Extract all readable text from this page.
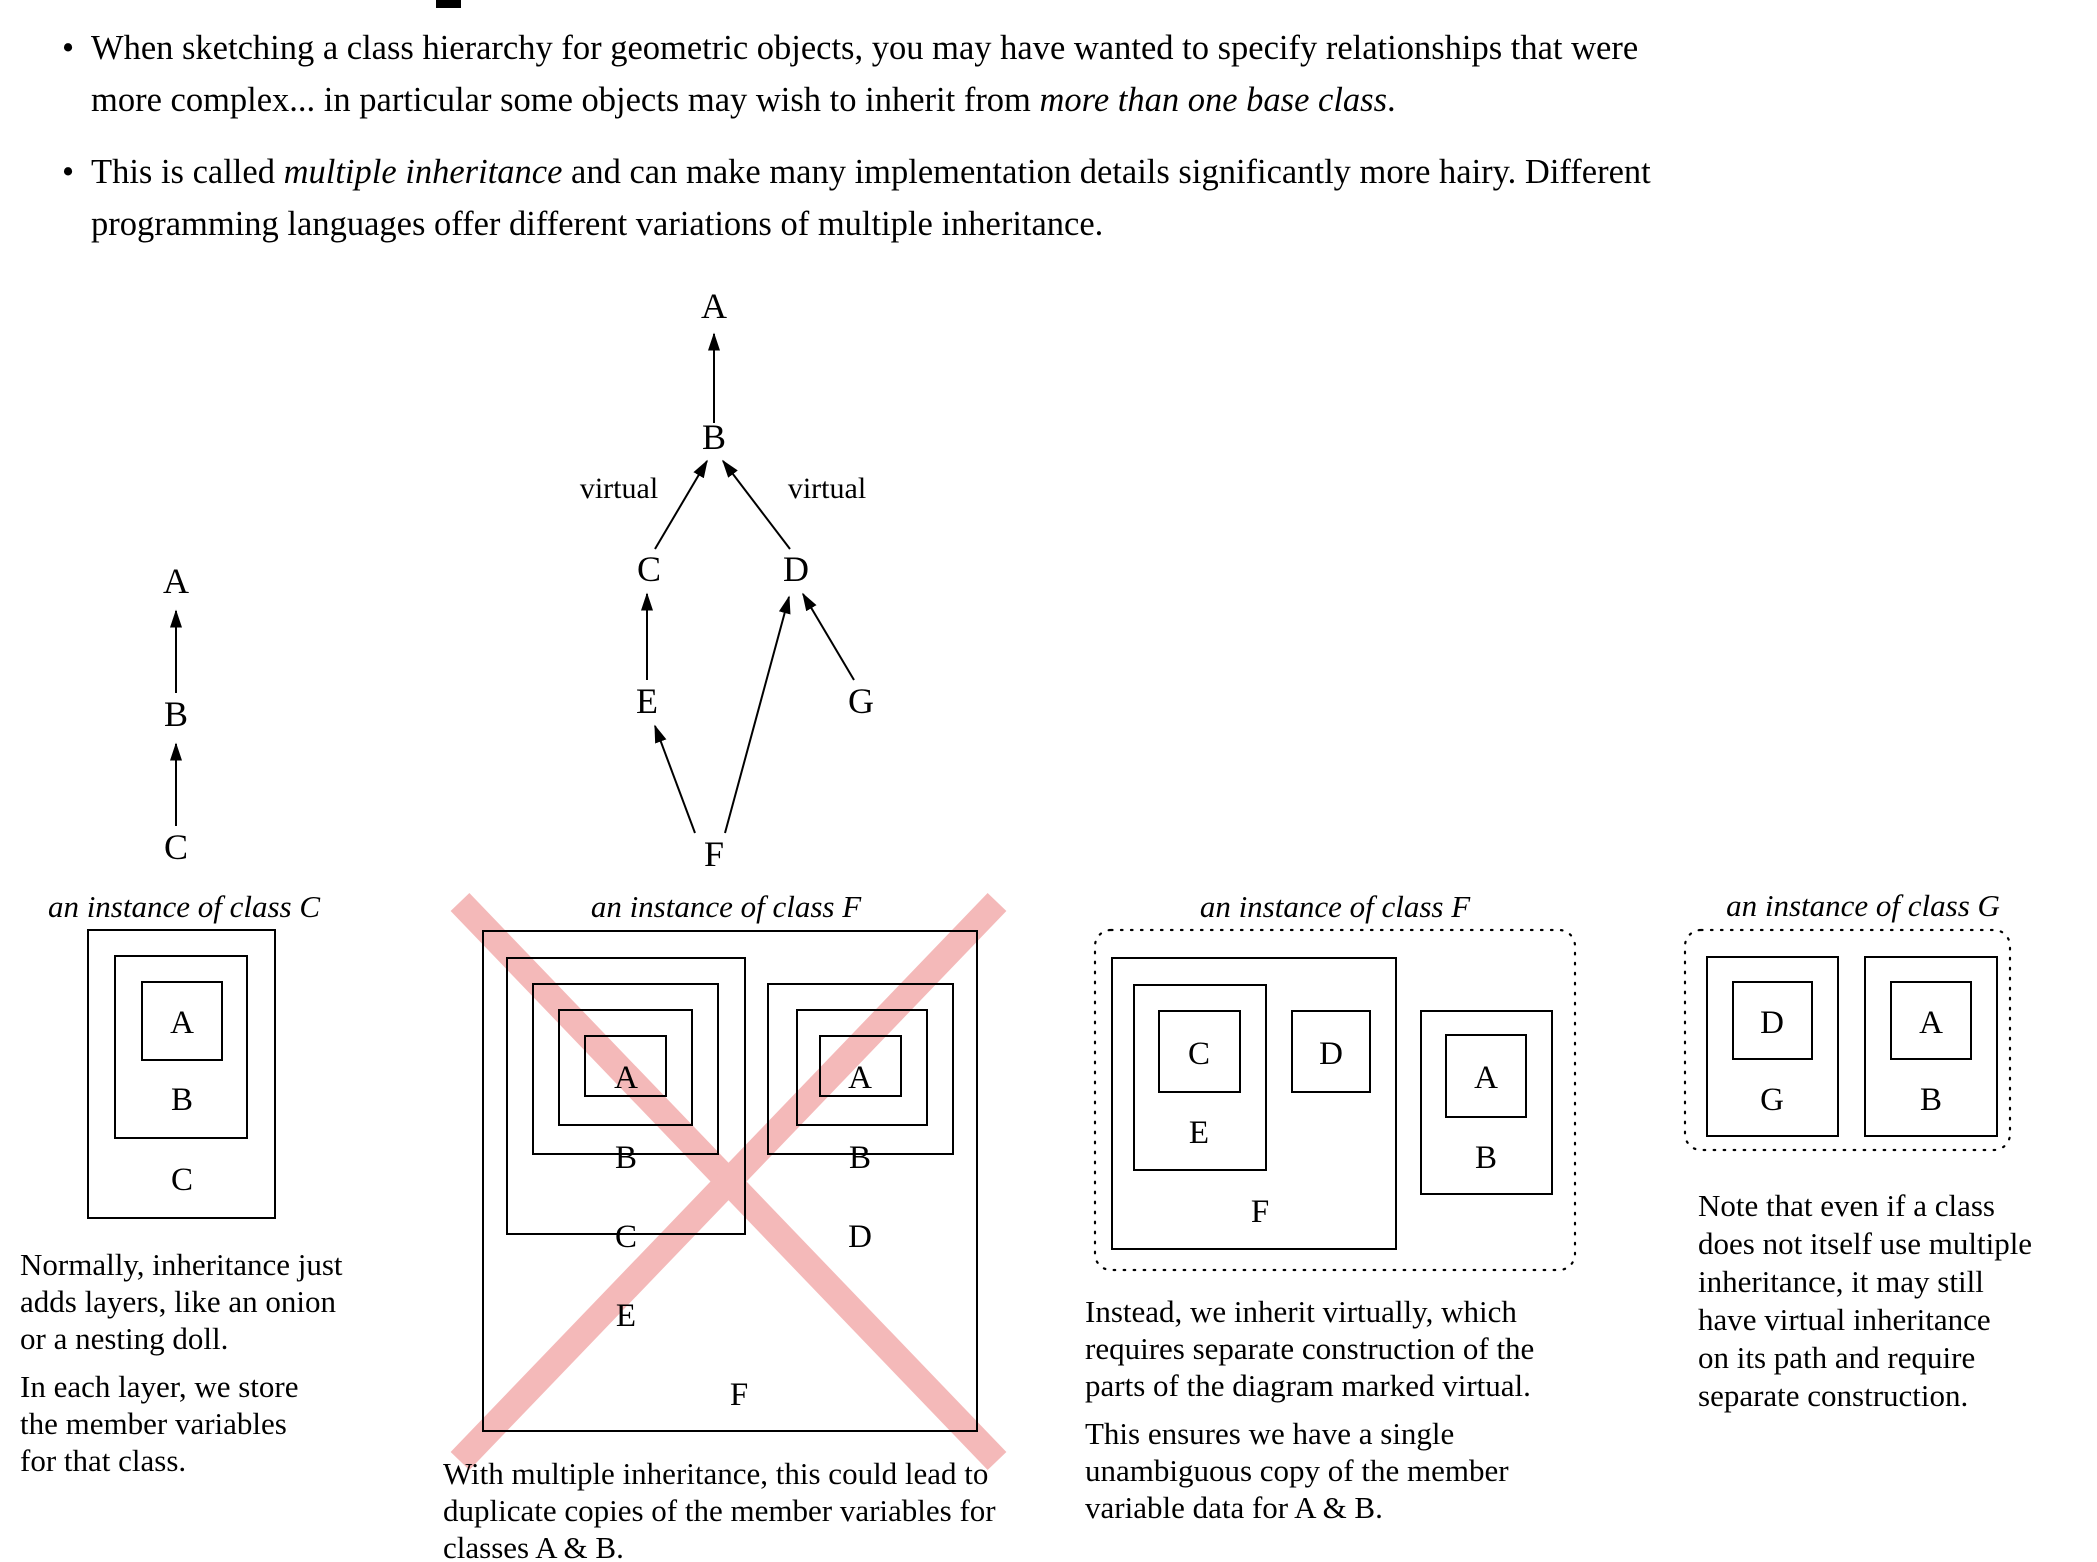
• When sketching a class hierarchy for geometric objects, you may have wanted to specify relationships that were
more complex... in particular some objects may wish to inherit from more than one base class.
• This is called multiple inheritance and can make many implementation details significantly more hairy. Different
programming languages offer different variations of multiple inheritance.
A
B
C
A
B
C	D
E	G
F
virtual	virtual
an instance of class C
A
B
C
an instance of class F
A
B
C
E
A
B
D
F
an instance of class F
C	D
E
F
A
B
an instance of class G
D
G
A
B
Normally, inheritance just
adds layers, like an onion
or a nesting doll.
In each layer, we store
the member variables
for that class.	With multiple inheritance, this could lead to
duplicate copies of the member variables for
classes A & B.
Instead, we inherit virtually, which
requires separate construction of the
parts of the diagram marked virtual.
This ensures we have a single
unambiguous copy of the member
variable data for A & B.
Note that even if a class
does not itself use multiple
inheritance, it may still
have virtual inheritance
on its path and require
separate construction.
